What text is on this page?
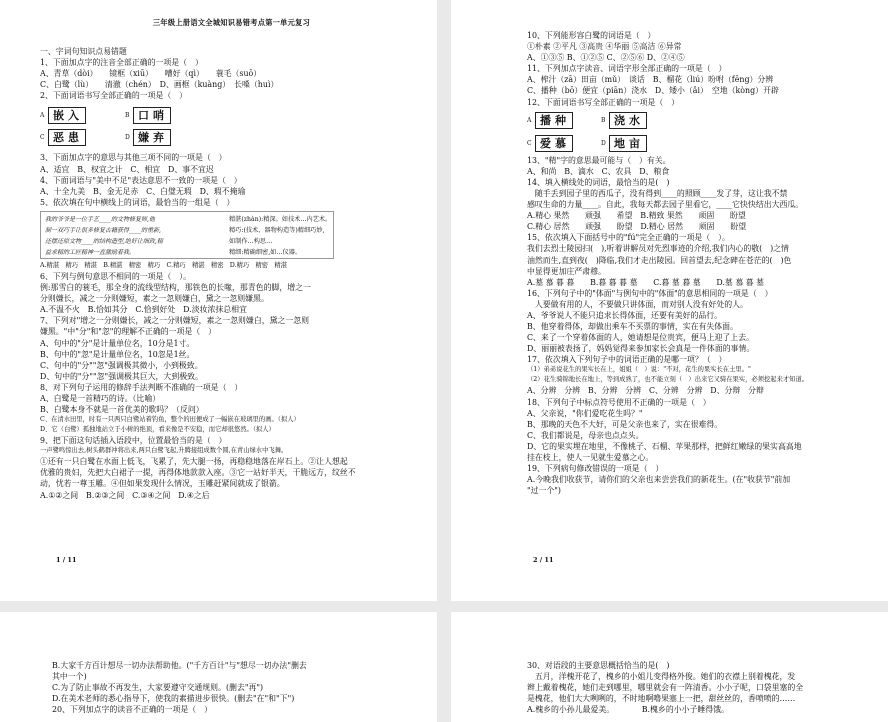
三年级上册语文全城知识易错考点第一单元复习
一、字词句知识点易错题
1、下面加点字的注音全部正确的一项是（　）
A、青草（dòi）　　镜框（xiū）　　嘈好（qì）　　蓑毛（suō）
C、白鹭（lù）　　清澈（chén）　D、画框（kuàng）　长嗓（huì）
2、下面词语书写全部正确的一项是（　）
A 嵌入	B 口哨
C 恶患	D 嫌弃
3、下面加点字的意思与其他三项不同的一项是（　）
A、适宜　B、权宜之计　C、相宜　D、事不宜迟
4、下面词语与"美中不足"表达意思不一致的一项是（　）
A、十全九美　B、金无足赤　C、白璧无瑕　D、瑕不掩瑜
5、依次填在句中横线上的词语，最恰当的一组是（　）
我的爷爷是一位手艺____的文物修复师,他
制一双巧手让很多修复古籍获得____的重新,
还摆还原文物____的结构造型,绝好让细致,精
益求精的工匠精神一直激励着我。
精湛(zhàn):精深。如技术…内艺术。
精巧:(技术、器物构造等)精细巧妙,
如制作…构思…
精细:精确细密,如…仪器。
A.精湛　精巧　精湛　B.精湛　精密　精巧　C.精巧　精湛　精密　D.精巧　精密　精湛
6、下列与例句意思不相同的一项是（　）。
例:那雪白的蓑毛，那全身的流线型结构，那铁色的长喙，那青色的脚，增之一
分则嫌长，减之一分则嫌短，素之一忽则嫌白，黛之一忽则嫌黑。
A.不温不火　B.恰如其分　C.恰到好处　D.淡妆浓抹总相宜
7、下列对"增之一分则嫌长，减之一分则嫌短，素之一忽则嫌白，黛之一忽则
嫌黑。"中"分"和"忽"的理解不正确的一项是（　）
A、句中的"分"是计量单位名，10分是1寸。
B、句中的"忽"是计量单位名，10忽是1丝。
C、句中的"分""忽"强调极其微小，小到极致。
D、句中的"分""忽"强调极其巨大，大到极致。
8、对下列句子运用的修辞手法判断不准确的一项是（　）
A、白鹭是一首精巧的诗。（比喻）
B、白鹭本身不就是一首优美的歌吗？（反问）
C、在清水田里，时有一只两只白鹭站着钓鱼，整个的田便成了一幅嵌在玻璃里的画。（拟人）
D、它（白鹭）孤独地站立于小树的绝顶，看来像是不安稳，而它却很悠然。（拟人）
9、把下面这句话插入语段中，位置最恰当的是（　）
一声鹭鸣惊出去,树头鹤群冲将出来,两只白鹭飞起,升腾接组成数个圆,在青山绿水中飞舞。
①还有一只白鹭在水面上低飞，飞累了，先大腿一扬，再稳稳地落在岸石上。②让人想起
优雅的贵妇，先把大白裙子一提，再得体地款款入座。③它一站好半天，干脆远方，纹丝不
动，忧若一尊玉雕。④但如果发现什么情况，玉雕赶紧间就成了银箭。
A.①②之间　B.②③之间　C.③④之间　D.④之后
1 / 11
10、下列能形容白鹭的词语是（　）
①朴素 ②平凡 ③高贵 ④华丽 ⑤高洁 ⑥异常
A、①③⑤ B、①②⑤ C、②⑤⑥ D、②④⑤
11、下列加点字读音、词语字形全部正确的一项是（　）
A、榨汁（zā）田亩（mǔ）　谈话　B、榴花（liú）吩咐（fēng）分辨
C、播种（bō）便宜（piān）浇水　D、矮小（ǎi）　空地（kòng）开辟
12、下面词语书写全部正确的一项是（　）
A 播种
C 爱慕
B 浇水
D 地亩
13、"精"字的意思最可能与（　）有关。
A、和尚　B、滴水　C、农具　D、粮食
14、填入横线处的词语，最恰当的是(　)
　随手丢到园子里的西瓜子，没有得到____的照顾____发了芽，这让我不禁
感叹生命的力量____。自此，我每天都去园子里看它，____它快快结出大西瓜。
A.精心 果然　　顽强　　希望　B.精致 果然　　顽固　　盼望
C.精心 居然　　顽强　　盼望　D.精心 居然　　顽固　　盼望
15、依次填入下面括号中的"fú"完全正确的一项是（　）。
我们去烈士陵园扫(　),听着讲解员对先烈事迹的介绍,我们内心的敬(　)之情
油然而生,直到夜(　)降临,我们才走出陵园。回首望去,纪念碑在苍茫的(　)色
中显得更加庄严肃穆。
A.墓 慕 暮 暮　　B.暮 暮 暮 墓　　C.暮 墓 暮 墓　　D.墓 慕 暮 墓
16、下列句子中的"体面"与例句中的"体面"的意思相同的一项是（　）
　人要做有用的人，不要做只讲体面，而对别人没有好处的人。
A、爷爷说人不能只追求长得体面，还要有美好的品行。
B、他穿着得体，却做出乘车不买票的事情，实在有失体面。
C、来了一个穿着体面的人，她请想是位贵宾，便马上迎了上去。
D、丽丽被表扬了，妈妈觉得来参加家长会真是一件体面的事情。
17、依次填入下列句子中的词语正确的是哪一项？（　）
（1）弟弟说花生的果实长在上，姐姐（　）说："不对，花生的果实长在土里。"
（2）花生骑锦地长在地上，等到成熟了，也不能立刻（　）出来它又骑在果实，必须挖起来才知道。
A、分辨　分辨　B、分辨　分辨　C、分辨　分辨　D、分辩　分辩
18、下列句子中标点符号使用不正确的一项是（　）
A、父亲说，"你们爱吃花生吗？"
B、那晚的天色不大好，可是父亲也来了，实在很难得。
C、我们都说是，母亲也点点头。
D、它的果实埋在地里，不像桃子、石榴、苹果那样，把鲜红嫩绿的果实高高地
挂在枝上，使人一见就生爱慕之心。
19、下列病句修改错误的一项是（　）
A.今晚我们收获节，请你们的父亲也来尝尝我们的新花生。(在"收获节"前加
"过一个")
2 / 11
B.大家千方百计想尽一切办法帮助他。("千方百计"与"想尽一切办法"删去
其中一个)
C.为了防止事故不再发生，大家要遵守交通规则。(删去"再")
D.在美术老师的悉心指导下，使我的素描进步很快。(删去"在"和"下")
20、下列加点字的读音不正确的一项是（　）
30、对语段的主要意思概括恰当的是(　)
　五月，洋槐开花了，槐乡的小姐儿变得格外俊。她们的衣襟上别着槐花，发
辫上戴着槐花，她们走到哪里，哪里就会有一阵清香。小小子呢，口袋里塞的全
是槐花，他们大大咧咧的，不时地啊噜果塞上一把，甜丝丝的，香喷喷的……
A.槐乡的小孙儿最爱美。　　　　B.槐乡的小小子睡得饿。
